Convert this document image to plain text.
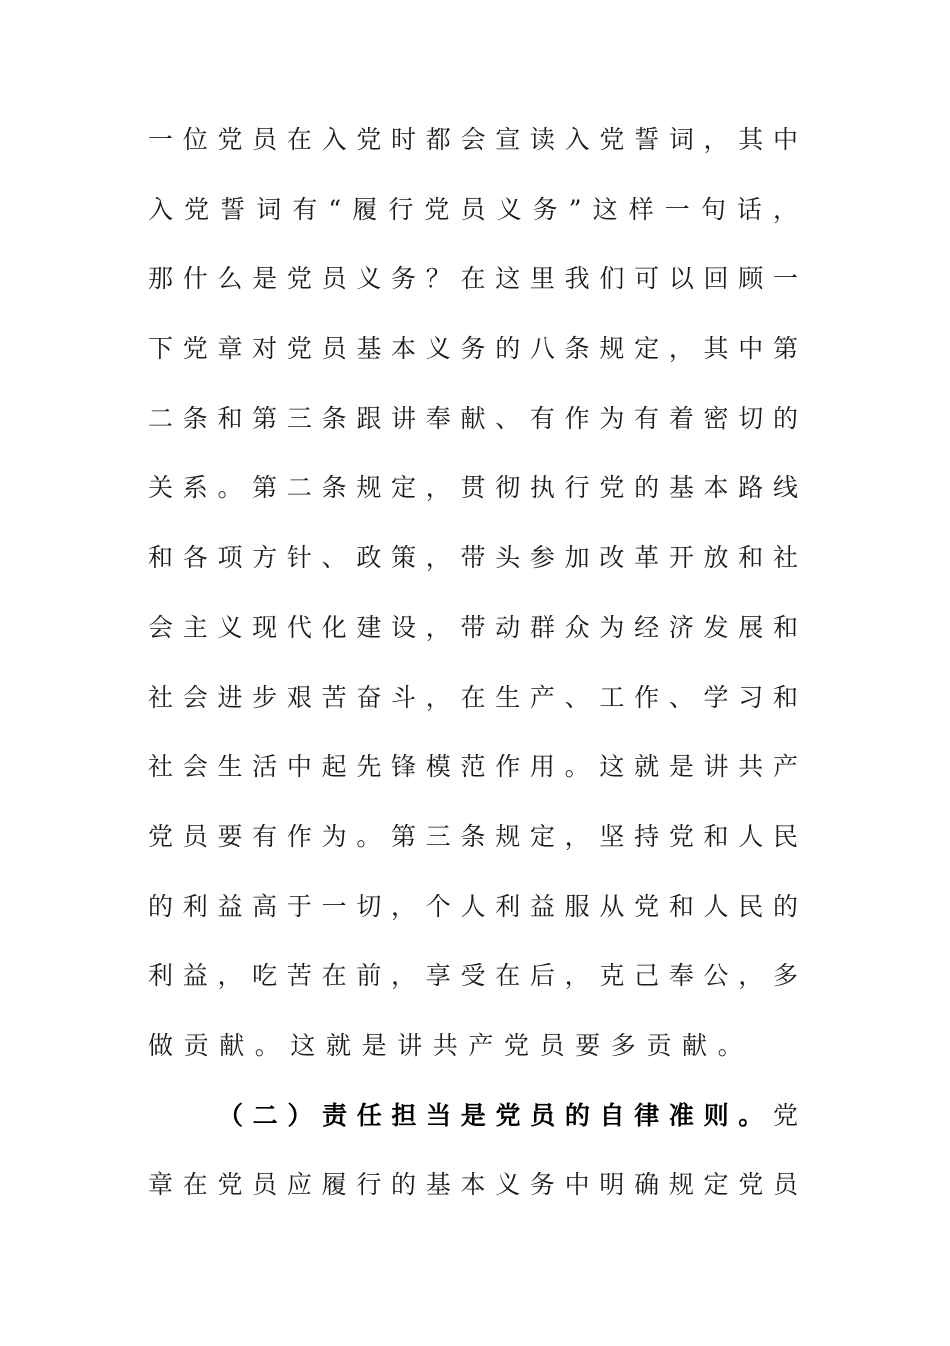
一位党员在入党时都会宣读入党誓词，其中
入党誓词有“履行党员义务”这样一句话，
那什么是党员义务？在这里我们可以回顾一
下党章对党员基本义务的八条规定，其中第
二条和第三条跟讲奉献、有作为有着密切的
关系。第二条规定，贯彻执行党的基本路线
和各项方针、政策，带头参加改革开放和社
会主义现代化建设，带动群众为经济发展和
社会进步艰苦奋斗，在生产、工作、学习和
社会生活中起先锋模范作用。这就是讲共产
党员要有作为。第三条规定，坚持党和人民
的利益高于一切，个人利益服从党和人民的
利益，吃苦在前，享受在后，克己奉公，多
做贡献。这就是讲共产党员要多贡献。
（二）责任担当是党员的自律准则。党
章在党员应履行的基本义务中明确规定党员
